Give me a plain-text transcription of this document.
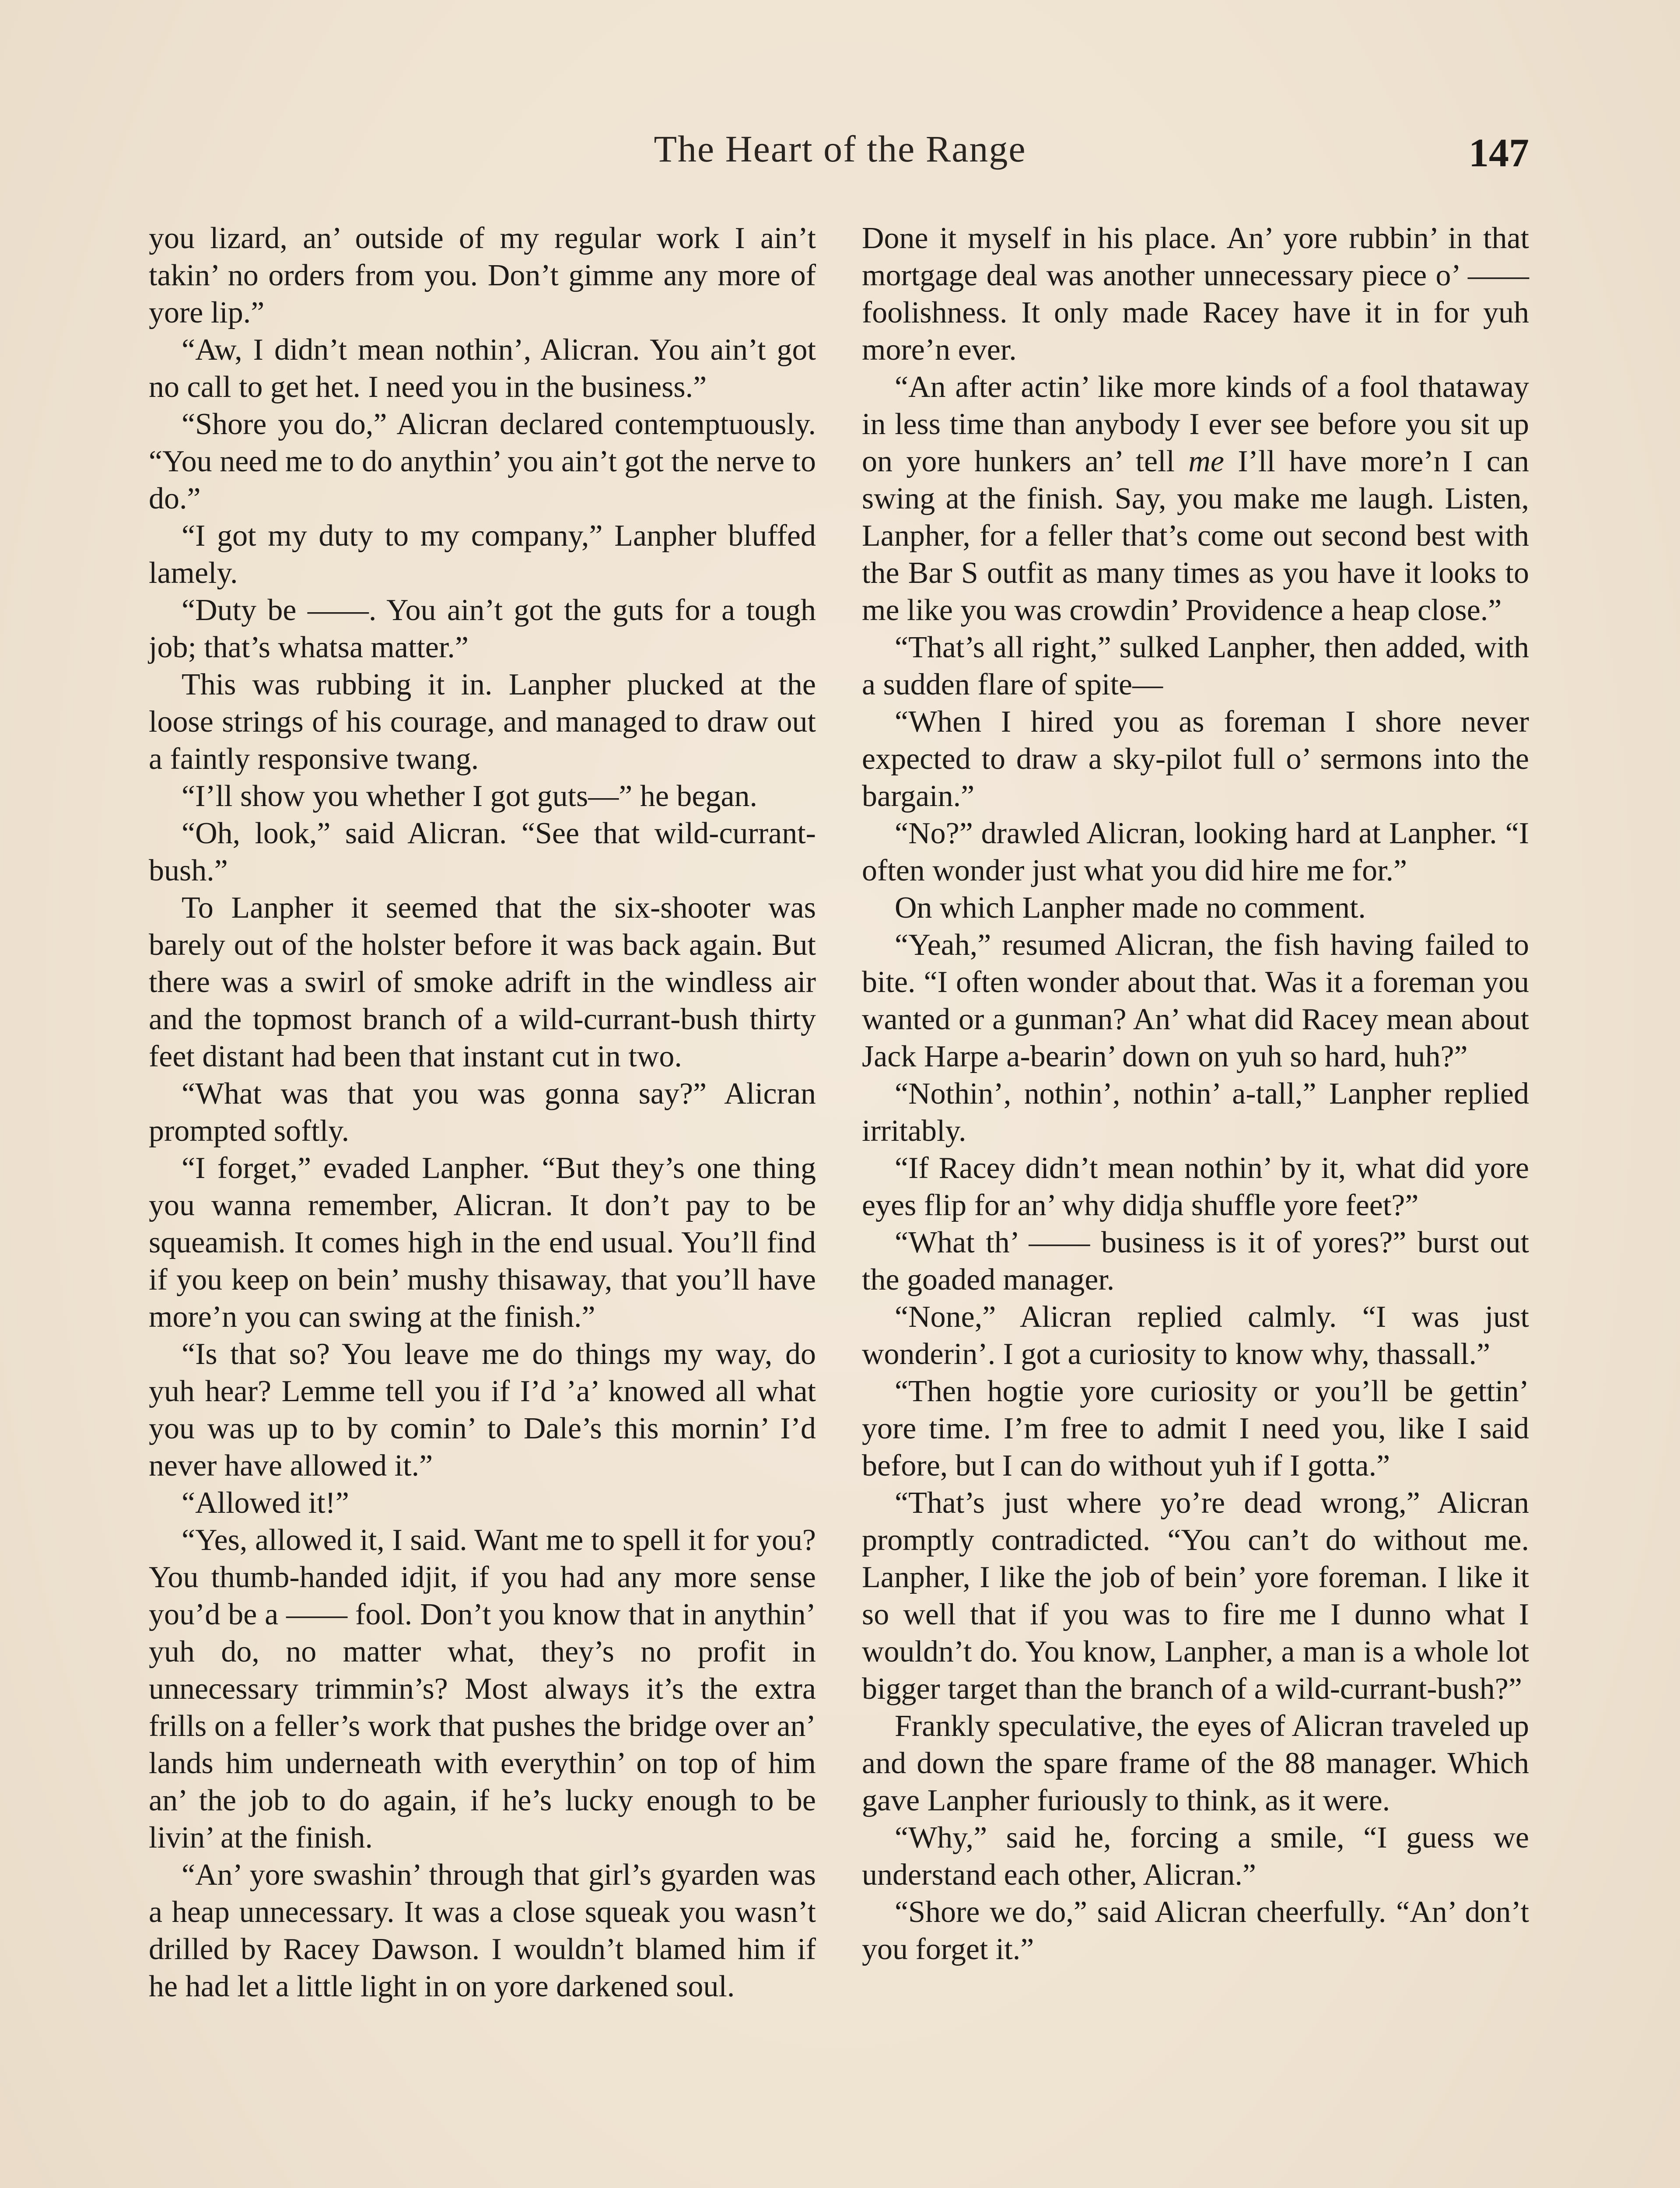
The Heart of the Range	147

you lizard, an’ outside of my regular work I ain’t takin’ no orders from you. Don’t gimme any more of yore lip.”

“Aw, I didn’t mean nothin’, Alicran. You ain’t got no call to get het. I need you in the business.”

“Shore you do,” Alicran declared contemptuously. “You need me to do anythin’ you ain’t got the nerve to do.”

“I got my duty to my company,” Lanpher bluffed lamely.

“Duty be ——. You ain’t got the guts for a tough job; that’s whatsa matter.”

This was rubbing it in. Lanpher plucked at the loose strings of his courage, and managed to draw out a faintly responsive twang.

“I’ll show you whether I got guts—” he began.

“Oh, look,” said Alicran. “See that wild-currant-bush.”

To Lanpher it seemed that the six-shooter was barely out of the holster before it was back again. But there was a swirl of smoke adrift in the windless air and the topmost branch of a wild-currant-bush thirty feet distant had been that instant cut in two.

“What was that you was gonna say?” Alicran prompted softly.

“I forget,” evaded Lanpher. “But they’s one thing you wanna remember, Alicran. It don’t pay to be squeamish. It comes high in the end usual. You’ll find if you keep on bein’ mushy thisaway, that you’ll have more’n you can swing at the finish.”

“Is that so? You leave me do things my way, do yuh hear? Lemme tell you if I’d ’a’ knowed all what you was up to by comin’ to Dale’s this mornin’ I’d never have allowed it.”

“Allowed it!”

“Yes, allowed it, I said. Want me to spell it for you? You thumb-handed idjit, if you had any more sense you’d be a —— fool. Don’t you know that in anythin’ yuh do, no matter what, they’s no profit in unnecessary trimmin’s? Most always it’s the extra frills on a feller’s work that pushes the bridge over an’ lands him underneath with everythin’ on top of him an’ the job to do again, if he’s lucky enough to be livin’ at the finish.

“An’ yore swashin’ through that girl’s gyarden was a heap unnecessary. It was a close squeak you wasn’t drilled by Racey Dawson. I wouldn’t blamed him if he had let a little light in on yore darkened soul.

Done it myself in his place. An’ yore rubbin’ in that mortgage deal was another unnecessary piece o’ —— foolishness. It only made Racey have it in for yuh more’n ever.

“An after actin’ like more kinds of a fool thataway in less time than anybody I ever see before you sit up on yore hunkers an’ tell me I’ll have more’n I can swing at the finish. Say, you make me laugh. Listen, Lanpher, for a feller that’s come out second best with the Bar S outfit as many times as you have it looks to me like you was crowdin’ Providence a heap close.”

“That’s all right,” sulked Lanpher, then added, with a sudden flare of spite—

“When I hired you as foreman I shore never expected to draw a sky-pilot full o’ sermons into the bargain.”

“No?” drawled Alicran, looking hard at Lanpher. “I often wonder just what you did hire me for.”

On which Lanpher made no comment.

“Yeah,” resumed Alicran, the fish having failed to bite. “I often wonder about that. Was it a foreman you wanted or a gunman? An’ what did Racey mean about Jack Harpe a-bearin’ down on yuh so hard, huh?”

“Nothin’, nothin’, nothin’ a-tall,” Lanpher replied irritably.

“If Racey didn’t mean nothin’ by it, what did yore eyes flip for an’ why didja shuffle yore feet?”

“What th’ —— business is it of yores?” burst out the goaded manager.

“None,” Alicran replied calmly. “I was just wonderin’. I got a curiosity to know why, thassall.”

“Then hogtie yore curiosity or you’ll be gettin’ yore time. I’m free to admit I need you, like I said before, but I can do without yuh if I gotta.”

“That’s just where yo’re dead wrong,” Alicran promptly contradicted. “You can’t do without me. Lanpher, I like the job of bein’ yore foreman. I like it so well that if you was to fire me I dunno what I wouldn’t do. You know, Lanpher, a man is a whole lot bigger target than the branch of a wild-currant-bush?”

Frankly speculative, the eyes of Alicran traveled up and down the spare frame of the 88 manager. Which gave Lanpher furiously to think, as it were.

“Why,” said he, forcing a smile, “I guess we understand each other, Alicran.”

“Shore we do,” said Alicran cheerfully. “An’ don’t you forget it.”
